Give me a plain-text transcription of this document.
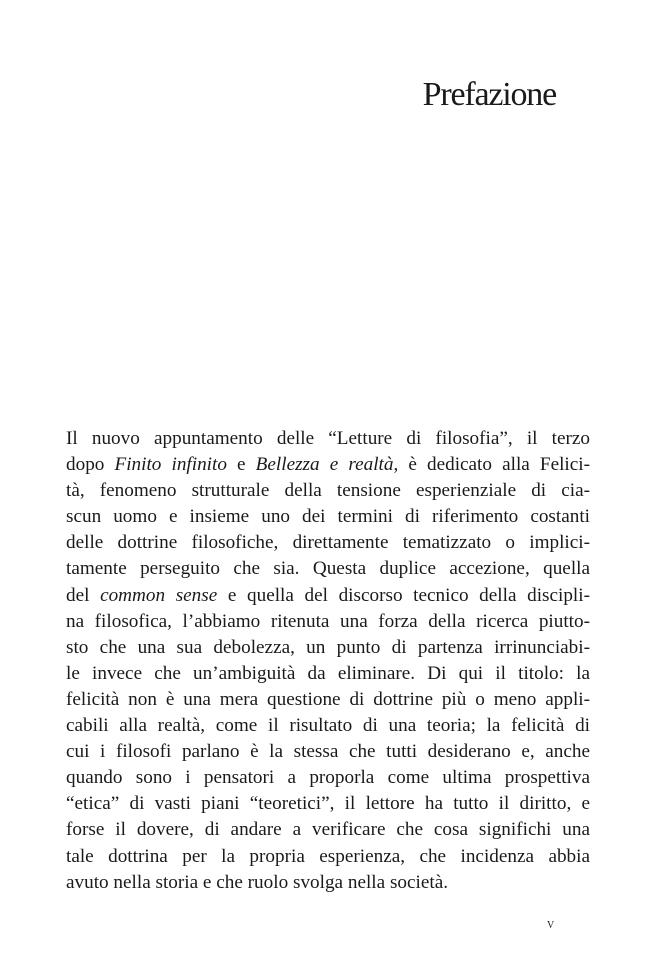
Prefazione
Il nuovo appuntamento delle “Letture di filosofia”, il terzo
dopo Finito infinito e Bellezza e realtà, è dedicato alla Felici-
tà, fenomeno strutturale della tensione esperienziale di cia-
scun uomo e insieme uno dei termini di riferimento costanti
delle dottrine filosofiche, direttamente tematizzato o implici-
tamente perseguito che sia. Questa duplice accezione, quella
del common sense e quella del discorso tecnico della discipli-
na filosofica, l’abbiamo ritenuta una forza della ricerca piutto-
sto che una sua debolezza, un punto di partenza irrinunciabi-
le invece che un’ambiguità da eliminare. Di qui il titolo: la
felicità non è una mera questione di dottrine più o meno appli-
cabili alla realtà, come il risultato di una teoria; la felicità di
cui i filosofi parlano è la stessa che tutti desiderano e, anche
quando sono i pensatori a proporla come ultima prospettiva
“etica” di vasti piani “teoretici”, il lettore ha tutto il diritto, e
forse il dovere, di andare a verificare che cosa significhi una
tale dottrina per la propria esperienza, che incidenza abbia
avuto nella storia e che ruolo svolga nella società.
v
